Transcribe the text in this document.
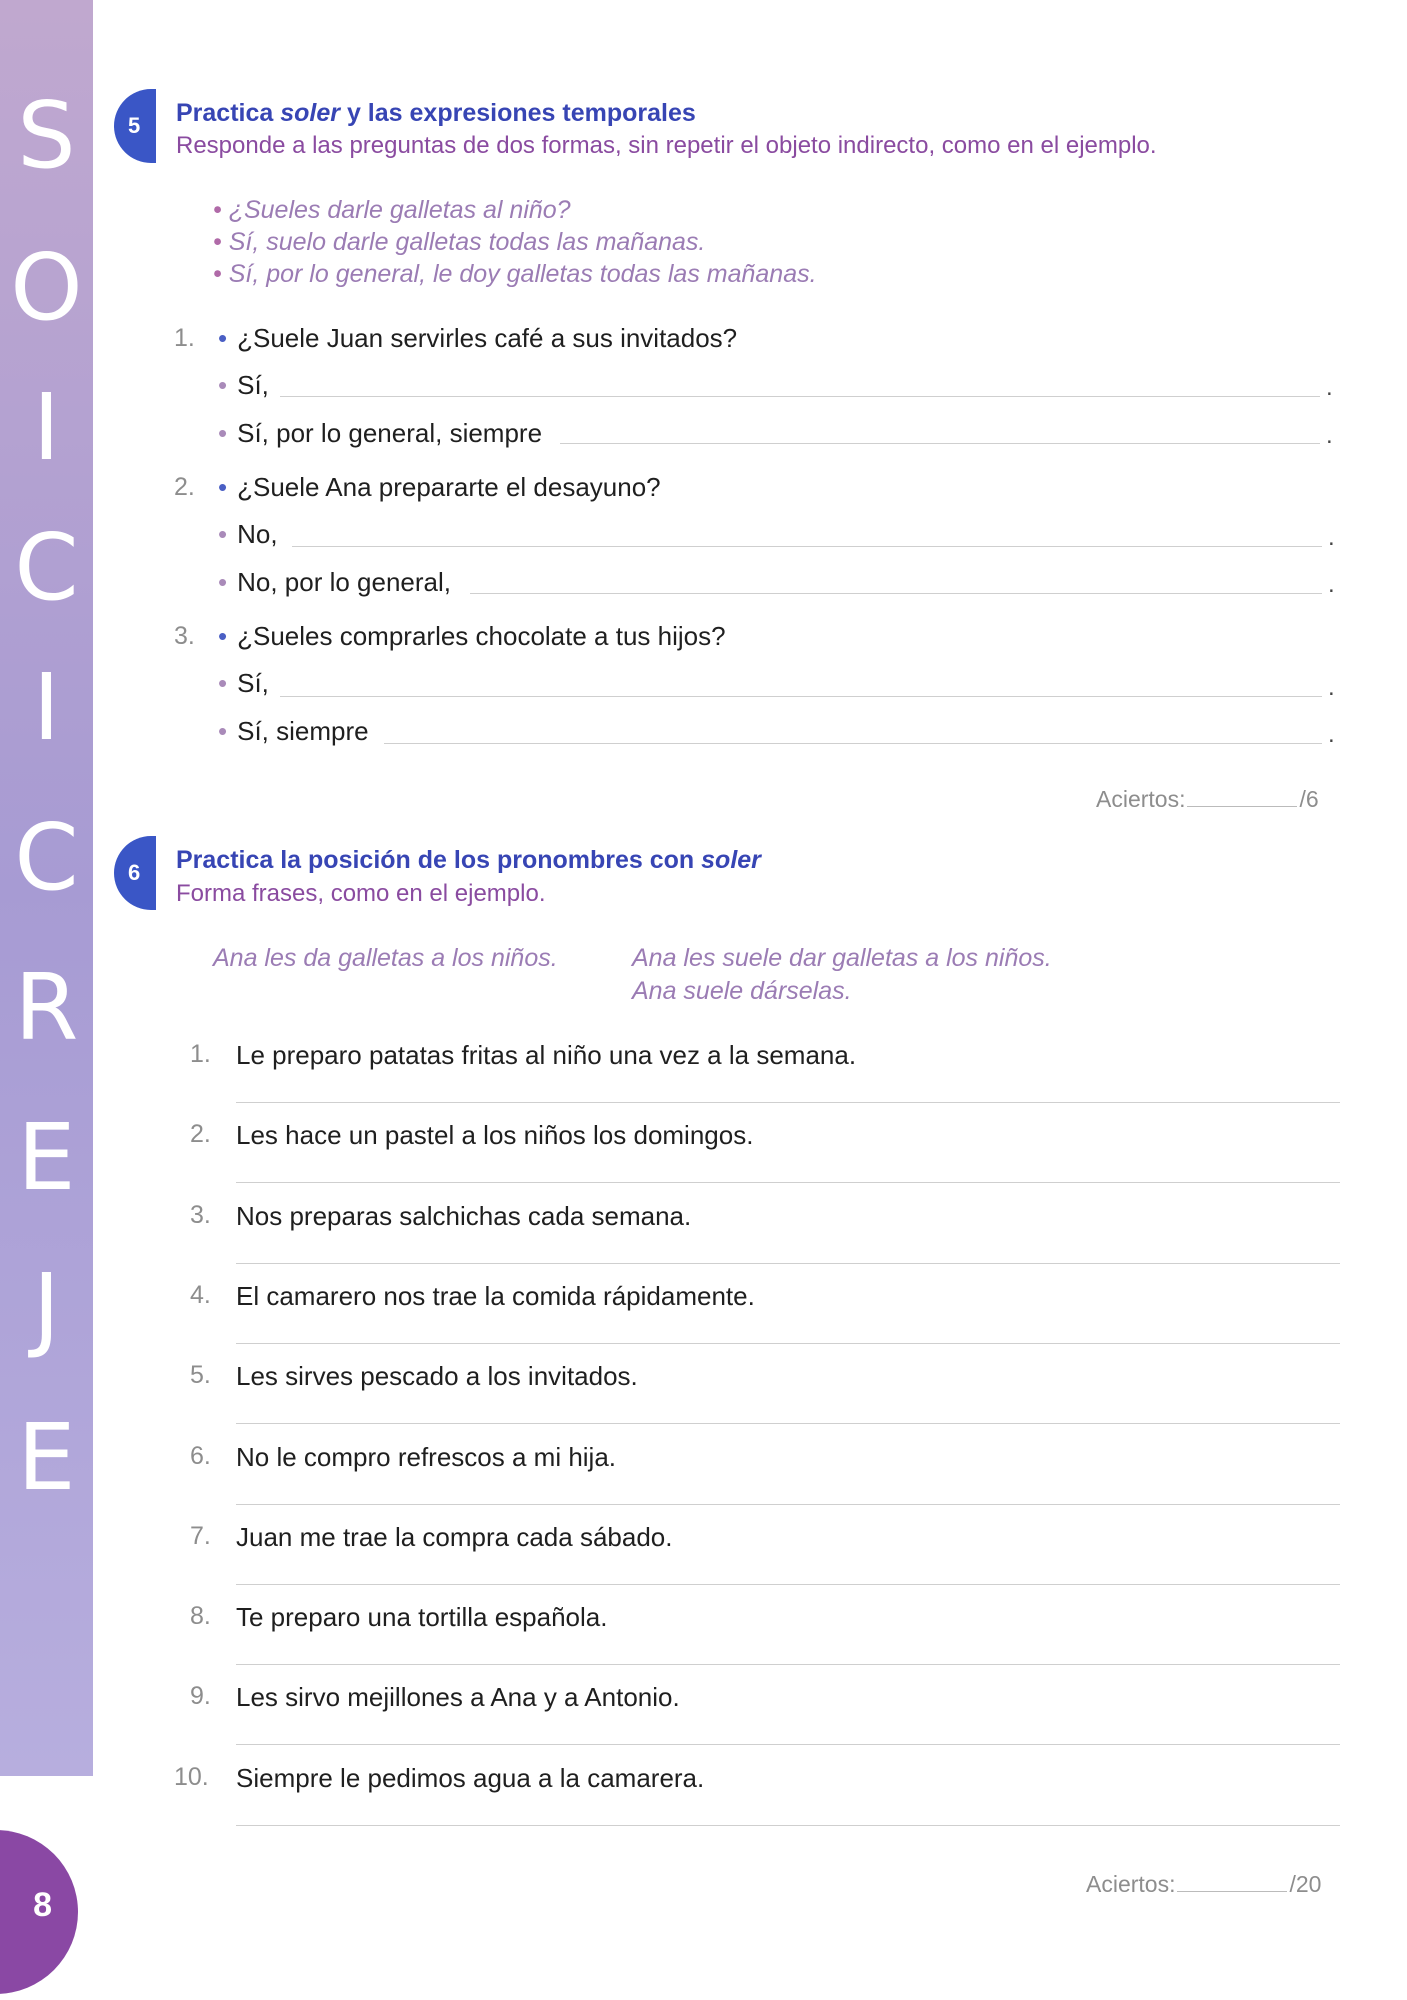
E
J
E
R
C
I
C
I
O
S
8
5 Practica soler y las expresiones temporales
Responde a las preguntas de dos formas, sin repetir el objeto indirecto, como en el ejemplo.
• ¿Sueles darle galletas al niño?
• Sí, suelo darle galletas todas las mañanas.
• Sí, por lo general, le doy galletas todas las mañanas.
1. • ¿Suele Juan servirles café a sus invitados?
• Sí,	.
• Sí, por lo general, siempre	.
2. • ¿Suele Ana prepararte el desayuno?
• No,	.
• No, por lo general,	.
3. • ¿Sueles comprarles chocolate a tus hijos?
• Sí,	.
• Sí, siempre	.
Aciertos:	/6
6 Practica la posición de los pronombres con soler
Forma frases, como en el ejemplo.
Ana les da galletas a los niños.	Ana les suele dar galletas a los niños.
Ana suele dárselas.
1. Le preparo patatas fritas al niño una vez a la semana.
2. Les hace un pastel a los niños los domingos.
3. Nos preparas salchichas cada semana.
4. El camarero nos trae la comida rápidamente.
5. Les sirves pescado a los invitados.
6. No le compro refrescos a mi hija.
7. Juan me trae la compra cada sábado.
8. Te preparo una tortilla española.
9. Les sirvo mejillones a Ana y a Antonio.
10. Siempre le pedimos agua a la camarera.
Aciertos:	/20
